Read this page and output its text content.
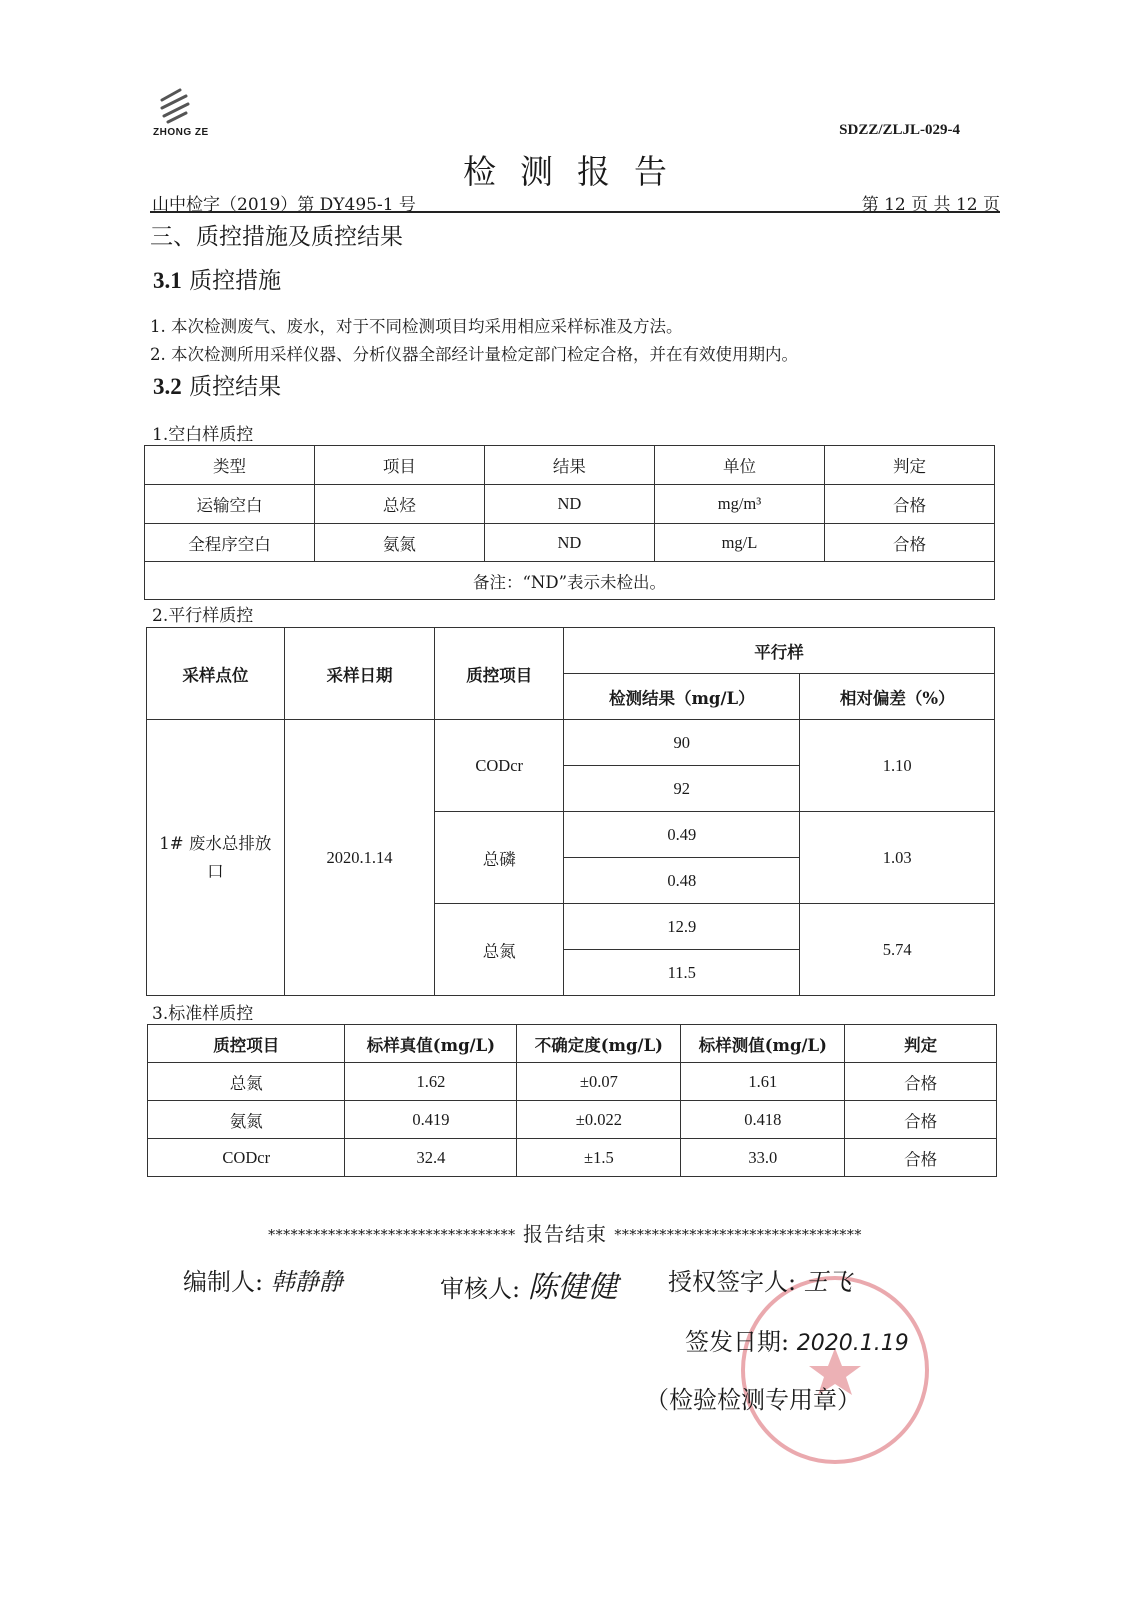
ZHONG ZE	SDZZ/ZLJL-029-4
检测报告
山中检字（2019）第 DY495-1 号	第 12 页 共 12 页
三、质控措施及质控结果
3.1 质控措施
1. 本次检测废气、废水，对于不同检测项目均采用相应采样标准及方法。
2. 本次检测所用采样仪器、分析仪器全部经计量检定部门检定合格，并在有效使用期内。
3.2 质控结果
1.空白样质控
类型	项目	结果	单位	判定
运输空白	总烃	ND	mg/m³	合格
全程序空白	氨氮	ND	mg/L	合格
备注：“ND”表示未检出。				
2.平行样质控
采样点位	采样日期	质控项目	平行样	
			检测结果（mg/L）	相对偏差（%）
1# 废水总排放口	2020.1.14	CODcr	90	1.10
			92	
		总磷	0.49	1.03
			0.48	
		总氮	12.9	5.74
			11.5	
3.标准样质控
质控项目	标样真值(mg/L)	不确定度(mg/L)	标样测值(mg/L)	判定
总氮	1.62	±0.07	1.61	合格
氨氮	0.419	±0.022	0.418	合格
CODcr	32.4	±1.5	33.0	合格
********************************* 报告结束 *********************************
编制人: 韩静静	审核人: 陈健健 授权签字人: 王飞
签发日期: 2020.1.19
（检验检测专用章）
